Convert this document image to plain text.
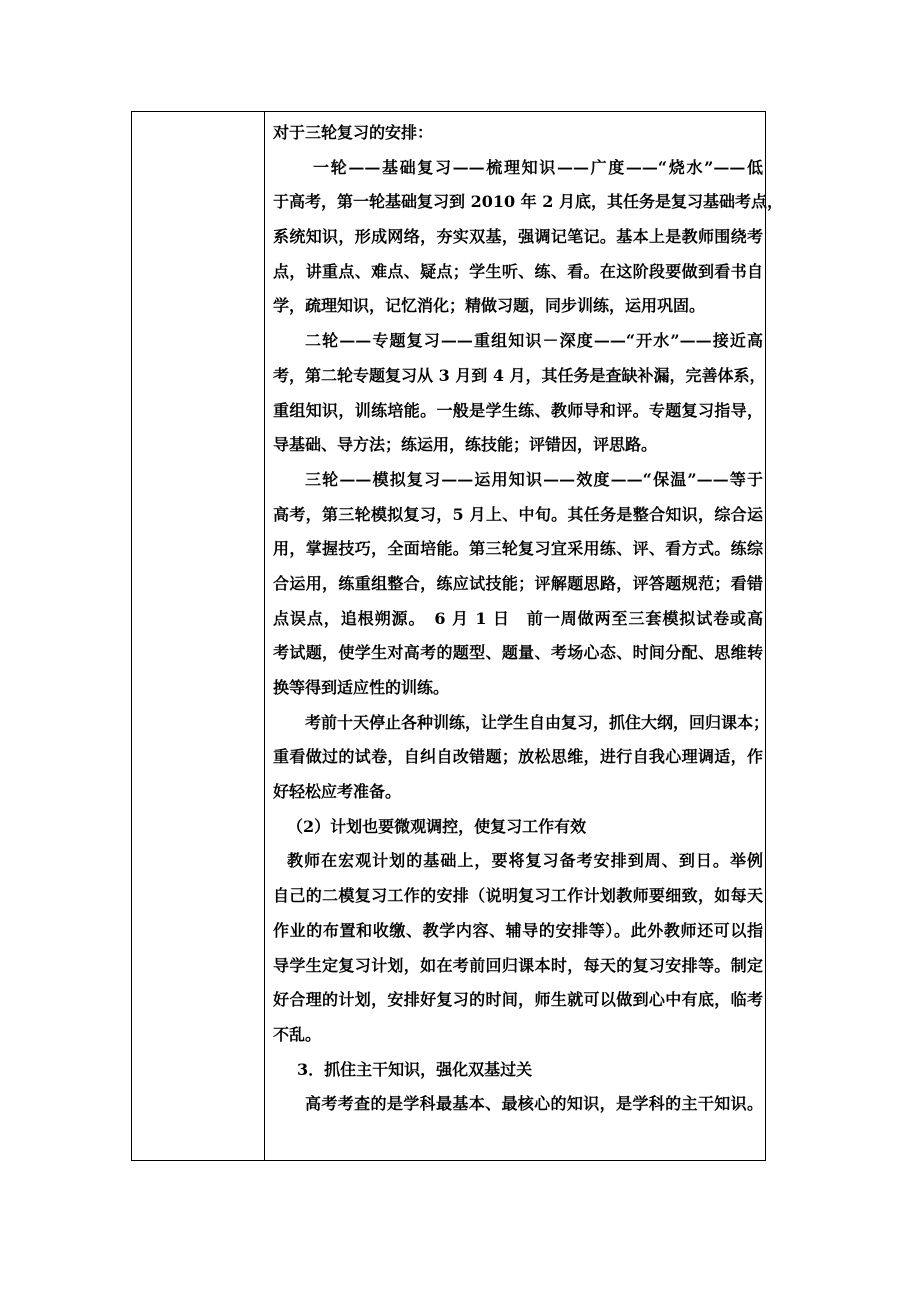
对于三轮复习的安排：
一轮——基础复习——梳理知识——广度——“烧水”——低
于高考，第一轮基础复习到 2010 年 2 月底，其任务是复习基础考点，
系统知识，形成网络，夯实双基，强调记笔记。基本上是教师围绕考
点，讲重点、难点、疑点；学生听、练、看。在这阶段要做到看书自
学，疏理知识，记忆消化；精做习题，同步训练，运用巩固。
二轮——专题复习——重组知识－深度——“开水”——接近高
考，第二轮专题复习从 3 月到 4 月，其任务是查缺补漏，完善体系，
重组知识，训练培能。一般是学生练、教师导和评。专题复习指导，
导基础、导方法；练运用，练技能；评错因，评思路。
三轮——模拟复习——运用知识——效度——“保温”——等于
高考，第三轮模拟复习，5 月上、中旬。其任务是整合知识，综合运
用，掌握技巧，全面培能。第三轮复习宜采用练、评、看方式。练综
合运用，练重组整合，练应试技能；评解题思路，评答题规范；看错
点误点，追根朔源。　6 月 1 日　前一周做两至三套模拟试卷或高
考试题，使学生对高考的题型、题量、考场心态、时间分配、思维转
换等得到适应性的训练。
考前十天停止各种训练，让学生自由复习，抓住大纲，回归课本；
重看做过的试卷，自纠自改错题；放松思维，进行自我心理调适，作
好轻松应考准备。
（2）计划也要微观调控，使复习工作有效
教师在宏观计划的基础上，要将复习备考安排到周、到日。举例
自己的二模复习工作的安排（说明复习工作计划教师要细致，如每天
作业的布置和收缴、教学内容、辅导的安排等）。此外教师还可以指
导学生定复习计划，如在考前回归课本时，每天的复习安排等。制定
好合理的计划，安排好复习的时间，师生就可以做到心中有底，临考
不乱。
3．抓住主干知识，强化双基过关
高考考查的是学科最基本、最核心的知识，是学科的主干知识。
